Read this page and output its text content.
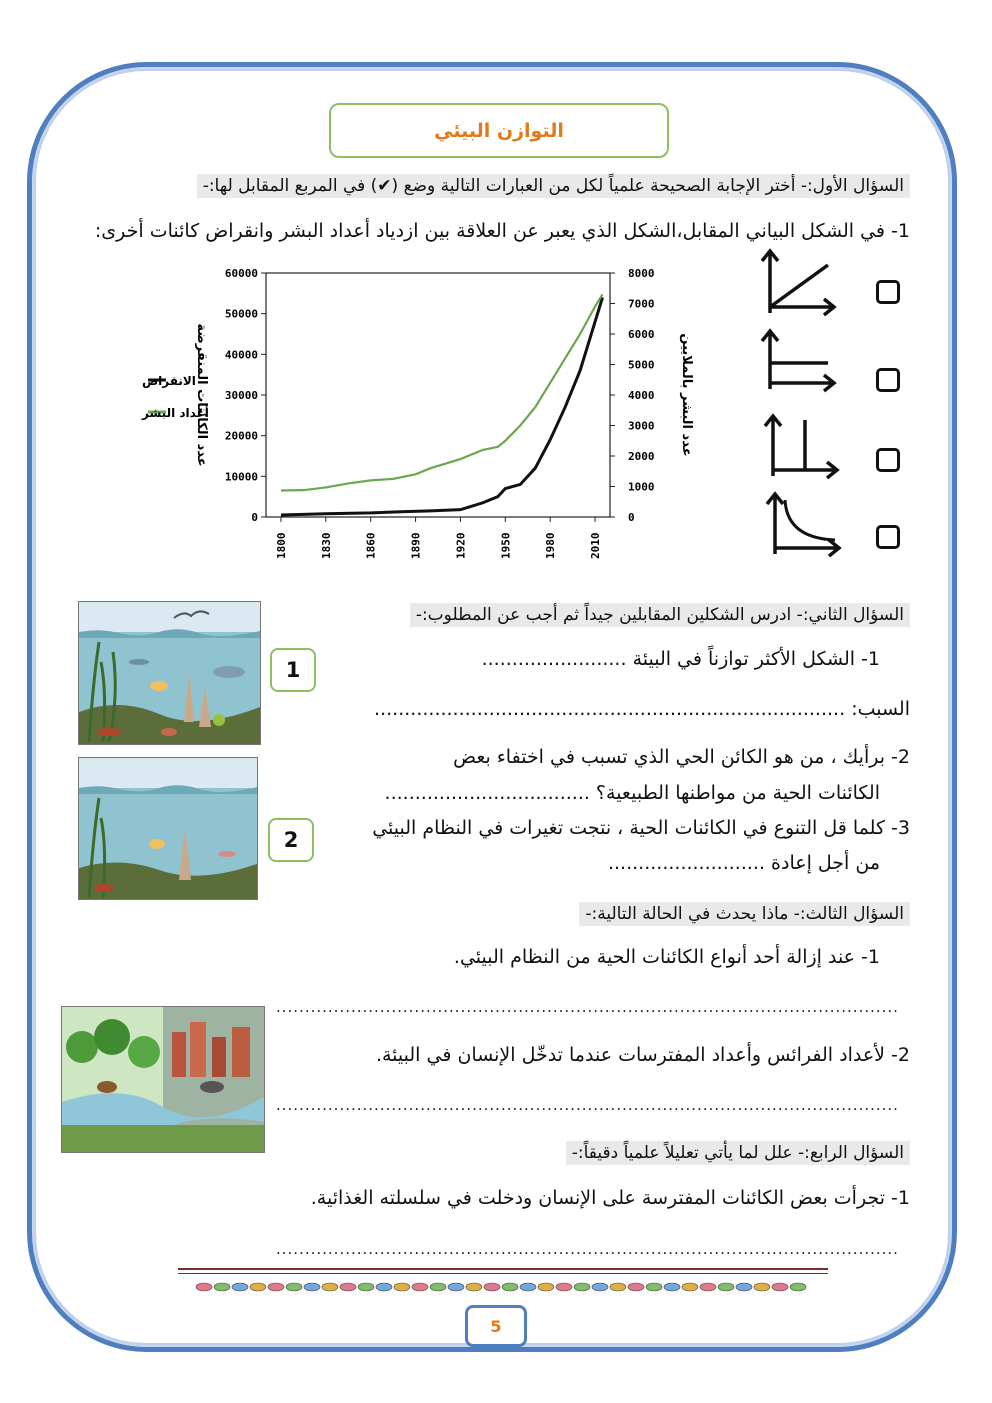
التوازن البيئي
السؤال الأول:- أختر الإجابة الصحيحة علمياً لكل من العبارات التالية وضع (✔) في المربع المقابل لها:-
1- في الشكل البياني المقابل،الشكل الذي يعبر عن العلاقة بين ازدياد أعداد البشر وانقراض كائنات أخرى:
0
10000
20000
30000
40000
50000
60000	8000
7000
6000
5000
4000
3000
2000
1000
0
1800	1830	1860	1890	1920	1950	1980	2010
عدد الكائنات المنقرضة	عدد البشر بالملايين
الانقراض
أعداد البشر
السؤال الثاني:- ادرس الشكلين المقابلين جيداً ثم أجب عن المطلوب:-
1
2
1- الشكل الأكثر توازناً في البيئة ........................
السبب: ..............................................................................
2- برأيك ، من هو الكائن الحي الذي تسبب في اختفاء بعض
الكائنات الحية من مواطنها الطبيعية؟ ..................................
3- كلما قل التنوع في الكائنات الحية ، نتجت تغيرات في النظام البيئي
من أجل إعادة ..........................
السؤال الثالث:- ماذا يحدث في الحالة التالية:-
1- عند إزالة أحد أنواع الكائنات الحية من النظام البيئي.
............................................................................................................
2- لأعداد الفرائس وأعداد المفترسات عندما تدخّل الإنسان في البيئة.
............................................................................................................
السؤال الرابع:- علل لما يأتي تعليلاً علمياً دقيقاً:-
1- تجرأت بعض الكائنات المفترسة على الإنسان ودخلت في سلسلته الغذائية.
............................................................................................................
5
